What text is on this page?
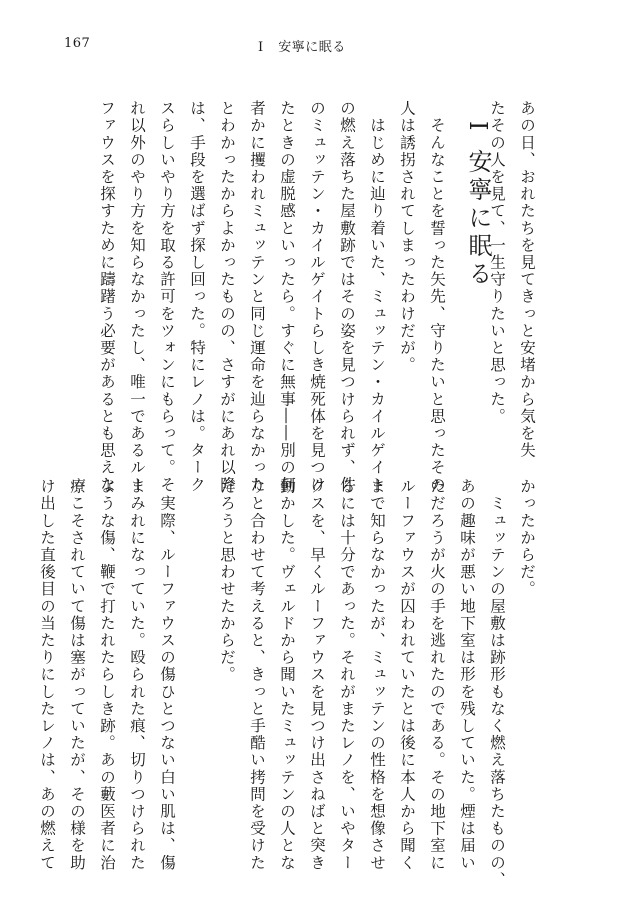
167	I 安寧に眠る

I安寧に眠る	あの日、おれたちを見てきっと安堵から気を失
たその人を見て、一生守りたいと思った。

　そんなことを誓った矢先、守りたいと思ったその
人は誘拐されてしまったわけだが。
　はじめに辿り着いた、ミュッテン・カイルゲイト
の燃え落ちた屋敷跡ではその姿を見つけられず、件
のミュッテン・カイルゲイトらしき焼死体を見つけ
たときの虚脱感といったら。すぐに無事――別の何
者かに攫われミュッテンと同じ運命を辿らなかった
とわかったからよかったものの、さすがにあれ以降
は、手段を選ばず探し回った。特にレノは。ターク
スらしいやり方を取る許可をツォンにもらって。そ
れ以外のやり方を知らなかったし、唯一であるルー
ファウスを探すために躊躇う必要があるとも思えな
かったからだ。
　ミュッテンの屋敷は跡形もなく燃え落ちたものの、
あの趣味が悪い地下室は形を残していた。煙は届い
ただろうが火の手を逃れたのである。その地下室に
ルーファウスが囚われていたとは後に本人から聞く
まで知らなかったが、ミュッテンの性格を想像させ
るには十分であった。それがまたレノを、いやター
クスを、早くルーファウスを見つけ出さねばと突き
動かした。ヴェルドから聞いたミュッテンの人とな
りと合わせて考えると、きっと手酷い拷問を受けた
だろうと思わせたからだ。

　実際、ルーファウスの傷ひとつない白い肌は、傷
まみれになっていた。殴られた痕、切りつけられた
ような傷、鞭で打たれたらしき跡。あの藪医者に治
療こそされていて傷は塞がっていたが、その様を助
け出した直後目の当たりにしたレノは、あの燃えて
